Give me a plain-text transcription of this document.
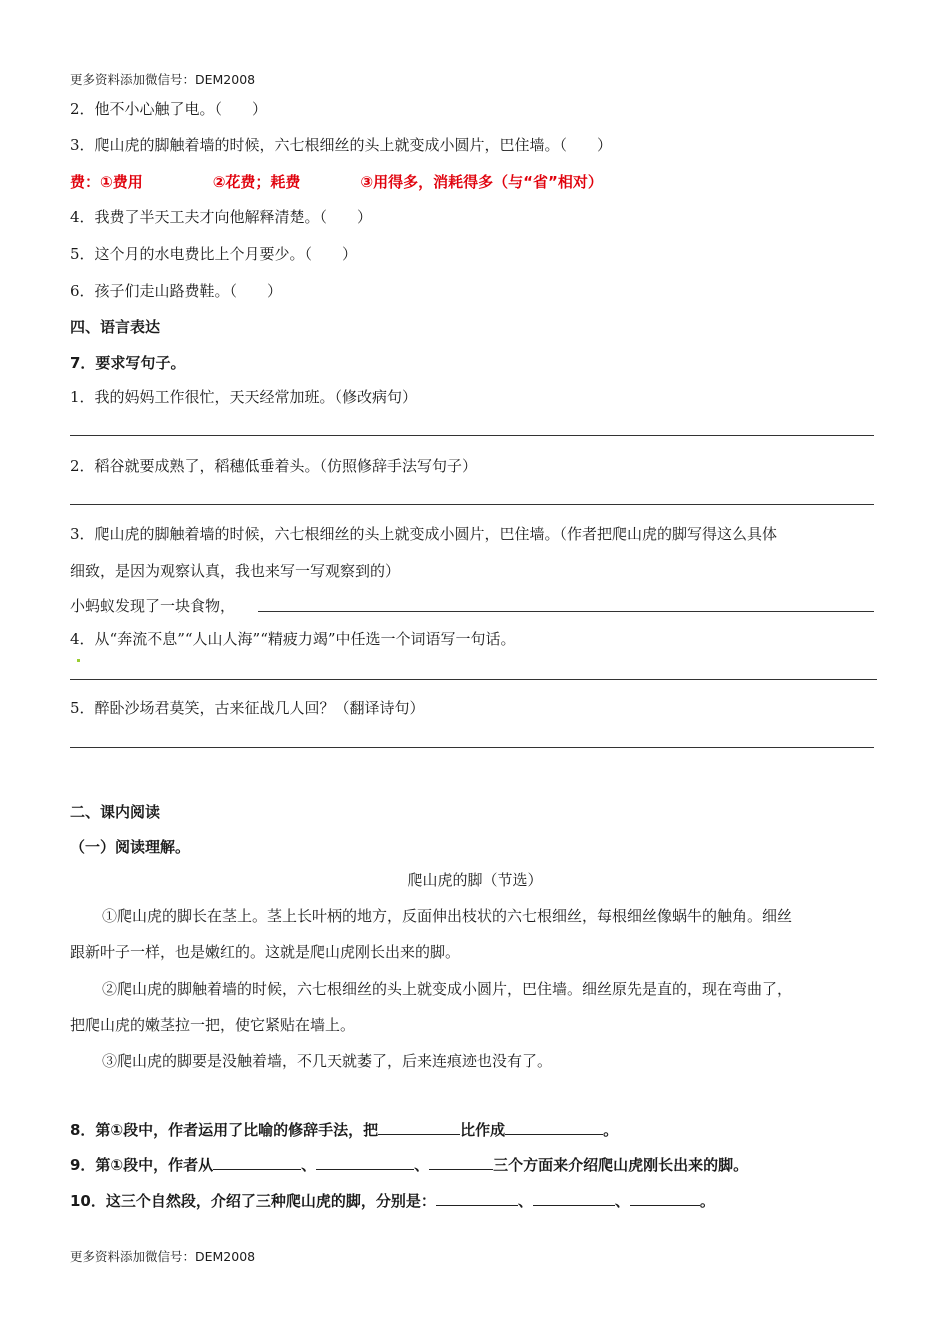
更多资料添加微信号：DEM2008
2．他不小心触了电。（　　）
3．爬山虎的脚触着墙的时候，六七根细丝的头上就变成小圆片，巴住墙。（　　）
费：①费用	②花费；耗费	③用得多，消耗得多（与“省”相对）
4．我费了半天工夫才向他解释清楚。（　　）
5．这个月的水电费比上个月要少。（　　）
6．孩子们走山路费鞋。（　　）
四、语言表达
7．要求写句子。
1．我的妈妈工作很忙，天天经常加班。（修改病句）
2．稻谷就要成熟了，稻穗低垂着头。（仿照修辞手法写句子）
3．爬山虎的脚触着墙的时候，六七根细丝的头上就变成小圆片，巴住墙。（作者把爬山虎的脚写得这么具体
细致，是因为观察认真，我也来写一写观察到的）
小蚂蚁发现了一块食物，
4．从“奔流不息”“人山人海”“精疲力竭”中任选一个词语写一句话。
5．醉卧沙场君莫笑，古来征战几人回？（翻译诗句）
二、课内阅读
（一）阅读理解。
爬山虎的脚（节选）
①爬山虎的脚长在茎上。茎上长叶柄的地方，反面伸出枝状的六七根细丝，每根细丝像蜗牛的触角。细丝
跟新叶子一样，也是嫩红的。这就是爬山虎刚长出来的脚。
②爬山虎的脚触着墙的时候，六七根细丝的头上就变成小圆片，巴住墙。细丝原先是直的，现在弯曲了，
把爬山虎的嫩茎拉一把，使它紧贴在墙上。
③爬山虎的脚要是没触着墙，不几天就萎了，后来连痕迹也没有了。
8．第①段中，作者运用了比喻的修辞手法，把	比作成	。
9．第①段中，作者从	、	、	三个方面来介绍爬山虎刚长出来的脚。
10．这三个自然段，介绍了三种爬山虎的脚，分别是：	、	、	。
更多资料添加微信号：DEM2008
